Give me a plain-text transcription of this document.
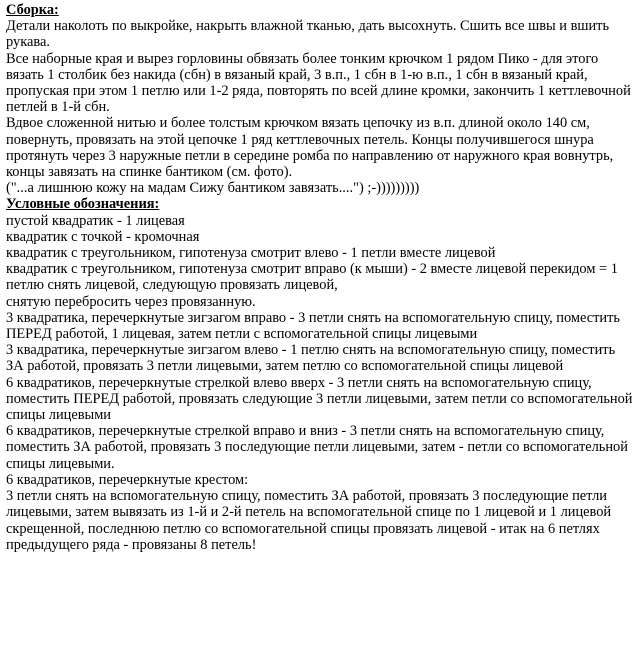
Сборка:
Детали наколоть по выкройке, накрыть влажной тканью, дать высохнуть. Сшить все швы и вшить рукава.
Все наборные края и вырез горловины обвязать более тонким крючком 1 рядом Пико - для этого вязать 1 столбик без накида (сбн) в вязаный край, 3 в.п., 1 сбн в 1-ю в.п., 1 сбн в вязаный край, пропуская при этом 1 петлю или 1-2 ряда, повторять по всей длине кромки, закончить 1 кеттлевочной петлей в 1-й сбн.
Вдвое сложенной нитью и более толстым крючком вязать цепочку из в.п. длиной около 140 см, повернуть, провязать на этой цепочке 1 ряд кеттлевочных петель. Концы получившегося шнура протянуть через 3 наружные петли в середине ромба по направлению от наружного края вовнутрь, концы завязать на спинке бантиком (см. фото).
("...а лишнюю кожу на мадам Сижу бантиком завязать....") ;-)))))))))
Условные обозначения:
пустой квадратик - 1 лицевая
квадратик с точкой - кромочная
квадратик с треугольником, гипотенуза смотрит влево - 1 петли вместе лицевой
квадратик с треугольником, гипотенуза смотрит вправо (к мыши) - 2 вместе лицевой перекидом = 1 петлю снять лицевой, следующую провязать лицевой,
снятую перебросить через провязанную.
3 квадратика, перечеркнутые зигзагом вправо - 3 петли снять на вспомогательную спицу, поместить ПЕРЕД работой, 1 лицевая, затем петли с вспомогательной спицы лицевыми
3 квадратика, перечеркнутые зигзагом влево - 1 петлю снять на вспомогательную спицу, поместить ЗА работой, провязать 3 петли лицевыми, затем петлю со вспомогательной спицы лицевой
6 квадратиков, перечеркнутые стрелкой влево вверх - 3 петли снять на вспомогательную спицу, поместить ПЕРЕД работой, провязать следующие 3 петли лицевыми, затем петли со вспомогательной спицы лицевыми
6 квадратиков, перечеркнутые стрелкой вправо и вниз - 3 петли снять на вспомогательную спицу, поместить ЗА работой, провязать 3 последующие петли лицевыми, затем - петли со вспомогательной спицы лицевыми.
6 квадратиков, перечеркнутые крестом:
3 петли снять на вспомогательную спицу, поместить ЗА работой, провязать 3 последующие петли лицевыми, затем вывязать из 1-й и 2-й петель на вспомогательной спице по 1 лицевой и 1 лицевой скрещенной, последнюю петлю со вспомогательной спицы провязать лицевой - итак на 6 петлях предыдущего ряда - провязаны 8 петель!
